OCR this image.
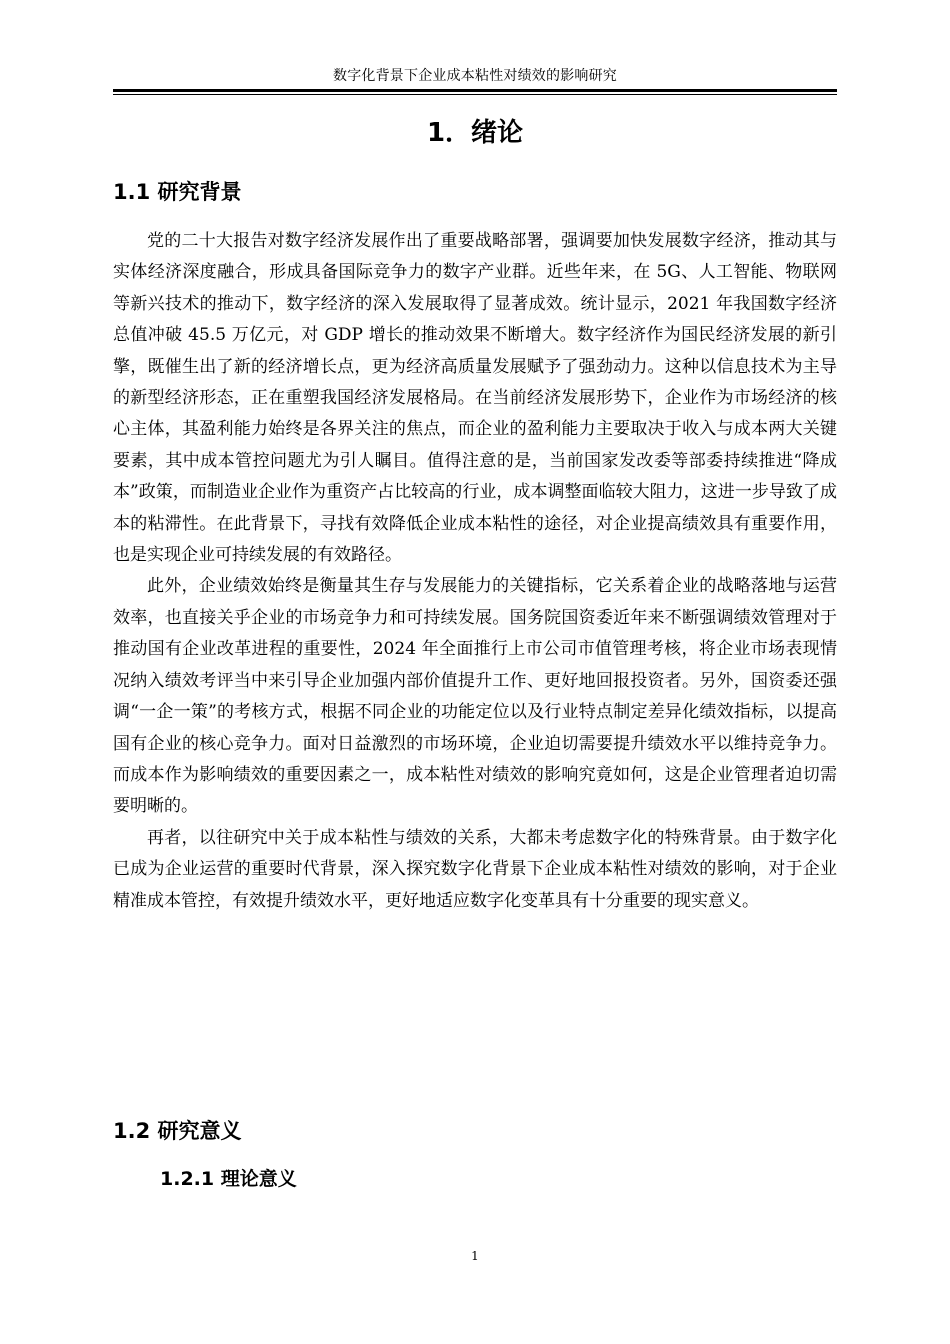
数字化背景下企业成本粘性对绩效的影响研究
1．绪论
1.1 研究背景

党的二十大报告对数字经济发展作出了重要战略部署，强调要加快发展数字经济，推动其与实体经济深度融合，形成具备国际竞争力的数字产业群。近些年来，在 5G、人工智能、物联网等新兴技术的推动下，数字经济的深入发展取得了显著成效。统计显示，2021 年我国数字经济总值冲破 45.5 万亿元，对 GDP 增长的推动效果不断增大。数字经济作为国民经济发展的新引擎，既催生出了新的经济增长点，更为经济高质量发展赋予了强劲动力。这种以信息技术为主导的新型经济形态，正在重塑我国经济发展格局。在当前经济发展形势下，企业作为市场经济的核心主体，其盈利能力始终是各界关注的焦点，而企业的盈利能力主要取决于收入与成本两大关键要素，其中成本管控问题尤为引人瞩目。值得注意的是，当前国家发改委等部委持续推进“降成本”政策，而制造业企业作为重资产占比较高的行业，成本调整面临较大阻力，这进一步导致了成本的粘滞性。在此背景下，寻找有效降低企业成本粘性的途径，对企业提高绩效具有重要作用，也是实现企业可持续发展的有效路径。

此外，企业绩效始终是衡量其生存与发展能力的关键指标，它关系着企业的战略落地与运营效率，也直接关乎企业的市场竞争力和可持续发展。国务院国资委近年来不断强调绩效管理对于推动国有企业改革进程的重要性，2024 年全面推行上市公司市值管理考核，将企业市场表现情况纳入绩效考评当中来引导企业加强内部价值提升工作、更好地回报投资者。另外，国资委还强调“一企一策”的考核方式，根据不同企业的功能定位以及行业特点制定差异化绩效指标，以提高国有企业的核心竞争力。面对日益激烈的市场环境，企业迫切需要提升绩效水平以维持竞争力。而成本作为影响绩效的重要因素之一，成本粘性对绩效的影响究竟如何，这是企业管理者迫切需要明晰的。

再者，以往研究中关于成本粘性与绩效的关系，大都未考虑数字化的特殊背景。由于数字化已成为企业运营的重要时代背景，深入探究数字化背景下企业成本粘性对绩效的影响，对于企业精准成本管控，有效提升绩效水平，更好地适应数字化变革具有十分重要的现实意义。

1.2 研究意义
1.2.1 理论意义
1
